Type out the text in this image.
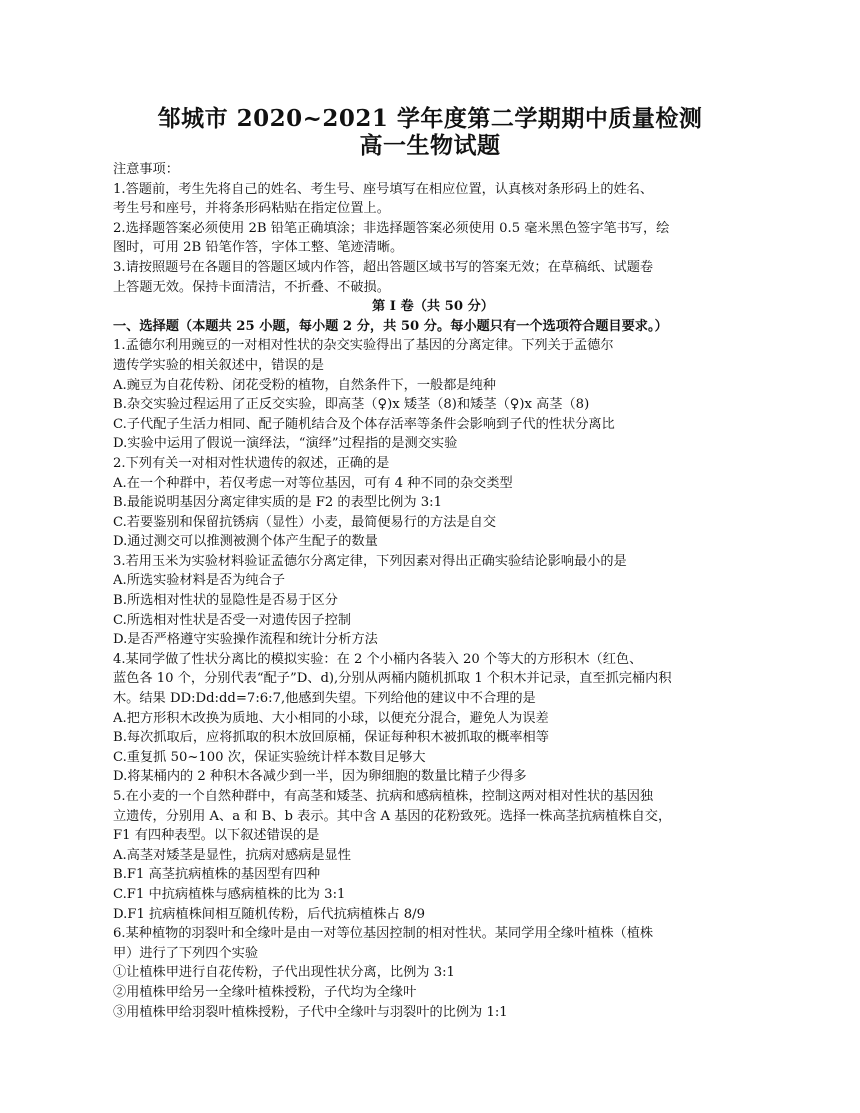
邹城市 2020~2021 学年度第二学期期中质量检测
高一生物试题
注意事项：
1.答题前，考生先将自己的姓名、考生号、座号填写在相应位置，认真核对条形码上的姓名、
考生号和座号，并将条形码粘贴在指定位置上。
2.选择题答案必须使用 2B 铅笔正确填涂；非选择题答案必须使用 0.5 毫米黑色签字笔书写，绘
图时，可用 2B 铅笔作答，字体工整、笔迹清晰。
3.请按照题号在各题目的答题区域内作答，超出答题区域书写的答案无效；在草稿纸、试题卷
上答题无效。保持卡面清洁，不折叠、不破损。
第 I 卷（共 50 分）
一、选择题（本题共 25 小题，每小题 2 分，共 50 分。每小题只有一个选项符合题目要求。）
1.孟德尔利用豌豆的一对相对性状的杂交实验得出了基因的分离定律。下列关于孟德尔
遗传学实验的相关叙述中，错误的是
A.豌豆为自花传粉、闭花受粉的植物，自然条件下，一般都是纯种
B.杂交实验过程运用了正反交实验，即高茎（♀)x 矮茎（8)和矮茎（♀)x 高茎（8)
C.子代配子生活力相同、配子随机结合及个体存活率等条件会影响到子代的性状分离比
D.实验中运用了假说一演绎法，“演绎”过程指的是测交实验
2.下列有关一对相对性状遗传的叙述，正确的是
A.在一个种群中，若仅考虑一对等位基因，可有 4 种不同的杂交类型
B.最能说明基因分离定律实质的是 F2 的表型比例为 3:1
C.若要鉴别和保留抗锈病（显性）小麦，最简便易行的方法是自交
D.通过测交可以推测被测个体产生配子的数量
3.若用玉米为实验材料验证孟德尔分离定律，下列因素对得出正确实验结论影响最小的是
A.所选实验材料是否为纯合子
B.所选相对性状的显隐性是否易于区分
C.所选相对性状是否受一对遗传因子控制
D.是否严格遵守实验操作流程和统计分析方法
4.某同学做了性状分离比的模拟实验：在 2 个小桶内各装入 20 个等大的方形积木（红色、
蓝色各 10 个，分别代表“配子”D、d),分别从两桶内随机抓取 1 个积木并记录，直至抓完桶内积
木。结果 DD:Dd:dd=7:6:7,他感到失望。下列给他的建议中不合理的是
A.把方形积木改换为质地、大小相同的小球，以便充分混合，避免人为误差
B.每次抓取后，应将抓取的积木放回原桶，保证每种积木被抓取的概率相等
C.重复抓 50~100 次，保证实验统计样本数目足够大
D.将某桶内的 2 种积木各减少到一半，因为卵细胞的数量比精子少得多
5.在小麦的一个自然种群中，有高茎和矮茎、抗病和感病植株，控制这两对相对性状的基因独
立遗传，分别用 A、a 和 B、b 表示。其中含 A 基因的花粉致死。选择一株高茎抗病植株自交，
F1 有四种表型。以下叙述错误的是
A.高茎对矮茎是显性，抗病对感病是显性
B.F1 高茎抗病植株的基因型有四种
C.F1 中抗病植株与感病植株的比为 3:1
D.F1 抗病植株间相互随机传粉，后代抗病植株占 8/9
6.某种植物的羽裂叶和全缘叶是由一对等位基因控制的相对性状。某同学用全缘叶植株（植株
甲）进行了下列四个实验
①让植株甲进行自花传粉，子代出现性状分离，比例为 3:1
②用植株甲给另一全缘叶植株授粉，子代均为全缘叶
③用植株甲给羽裂叶植株授粉，子代中全缘叶与羽裂叶的比例为 1:1
